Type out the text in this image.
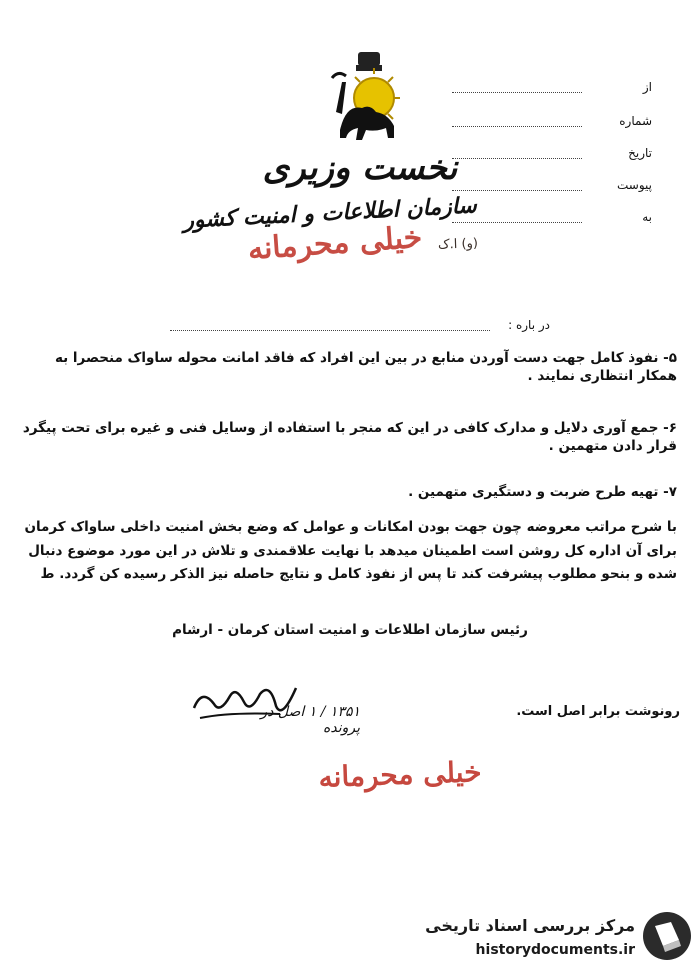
نخست وزیری
سازمان اطلاعات و امنیت کشور
خیلی محرمانه	(و) ا.ک
از
شماره
تاریخ
پیوست
به
در باره :
۵- نفوذ کامل جهت دست آوردن منابع در بین این افراد که فاقد امانت محوله ساواک منحصرا به همکار انتظاری نمایند .
۶- جمع آوری دلایل و مدارک کافی در این که منجر با استفاده از وسایل فنی و غیره برای تحت پیگرد قرار دادن متهمین .
۷- تهیه طرح ضربت و دستگیری متهمین .
با شرح مراتب معروضه چون جهت بودن امکانات و عوامل که وضع بخش امنیت داخلی ساواک کرمان برای آن اداره کل روشن است اطمینان میدهد با نهایت علاقمندی و تلاش در این مورد موضوع دنبال شده و بنحو مطلوب پیشرفت کند تا پس از نفوذ کامل و نتایج حاصله نیز الذکر رسیده کن گردد. ط
رئیس سازمان اطلاعات و امنیت استان کرمان - ارشام
۱۳۵۱ / ۱ اصل در پرونده
رونوشت برابر اصل است.
خیلی محرمانه
مرکز بررسی اسناد تاریخی
historydocuments.ir
